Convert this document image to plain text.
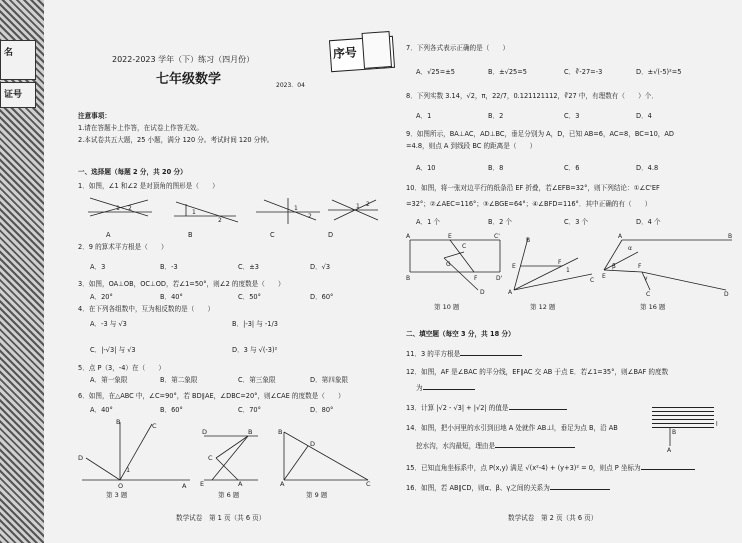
名
证号
2022-2023 学年（下）练习（四月份）
七年级数学	2023．04
注意事项：
1.请在答题卡上作答，在试卷上作答无效。
2.本试卷共五大题，25 小题，满分 120 分。考试时间 120 分钟。
一、选择题（每题 2 分，共 20 分）
1．如图，∠1 和∠2 是对顶角的图形是（　　）
1 2
1
2
1
2
1 2
A	B	C	D
2．9 的算术平方根是（　　）
A．3	B．-3	C．±3	D．√3
3．如图，OA⊥OB，OC⊥OD，若∠1=50°，则∠2 的度数是（　　）
A．20°	B．40°	C．50°	D．60°
4．在下列各组数中，互为相反数的是（　　）
A．-3 与 √3	B．|-3| 与 -1/3
C．|-√3| 与 √3	D．3 与 √(-3)²
5．点 P（3，-4）在（　　）
A．第一象限	B．第二象限	C．第三象限	D．第四象限
6．如图，在△ABC 中，∠C=90°，若 BD∥AE，∠DBC=20°，则∠CAE 的度数是（　　）
A．40°	B．60°	C．70°	D．80°
O
B	C
D
A
1
D	B
C
E	A
B
A	C
D
第 3 题	第 6 题	第 9 题
数学试卷　第 1 页（共 6 页）
序号	7．下列各式表示正确的是（　　）
A．√25=±5	B．±√25=5	C．∛-27=-3	D．±√(-5)²=5
8．下列实数 3.14，√2，π，22/7，0.121121112，∛27 中，有理数有（　　）个．
A．1	B．2	C．3	D．4
9．如图所示，BA⊥AC，AD⊥BC，垂足分别为 A，D，已知 AB=6，AC=8，BC=10，AD
=4.8，则点 A 到线段 BC 的距离是（　　）
A．10	B．8	C．6	D．4.8
10．如图，将一张对边平行的纸条沿 EF 折叠，若∠EFB=32°，则下列结论：①∠C'EF
=32°；②∠AEC=116°；③∠BGE=64°；④∠BFD=116°．其中正确的有（　　）
A．1 个	B．2 个	C．3 个	D．4 个
A	E	C'
B	F	D'
G
D
C
B
E
F
1
A
C
A	B
E
F
C	D
α
β
γ
第 10 题	第 12 题	第 16 题
二、填空题（每空 3 分，共 18 分）
11．3 的平方根是
12．如图，AF 是∠BAC 的平分线，EF∥AC 交 AB 于点 E．若∠1=35°，则∠BAF 的度数
为
13．计算 |√2 - √3| + |√2| 的值是
14．如图，把小河里的水引到田地 A 处就作 AB⊥l，垂足为点 B，沿 AB
挖水沟，水沟最短，理由是
15．已知直角坐标系中，点 P(x,y) 满足 √(x²-4) + (y+3)² = 0，则点 P 坐标为
16．如图，若 AB∥CD，则α、β、γ之间的关系为
数学试卷　第 2 页（共 6 页）
B
A
l
